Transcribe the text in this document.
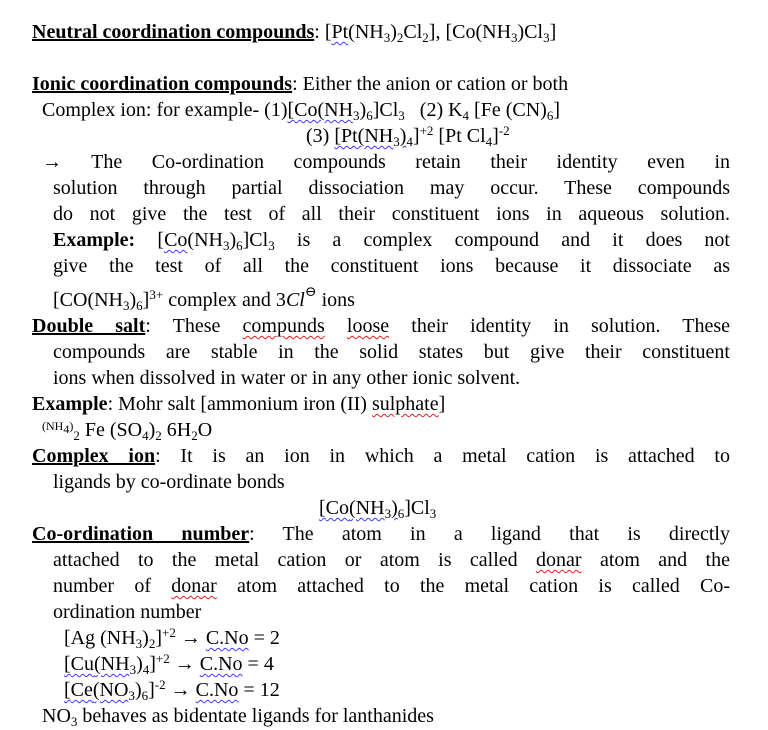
Neutral coordination compounds: $[Pt(NH_3)_2Cl_2]$, $[Co(NH_3)Cl_3]$
Ionic coordination compounds: Either the anion or cation or both
Complex ion: for example- $(1)[Co(NH_3)_6]Cl_3$ (2) $K_4$ [Fe $(CN)_6$]
(3) $[Pt(NH_3)_4]^{+2}$ [Pt $Cl_4]^{-2}$
→ The Co-ordination compounds retain their identity even in
solution through partial dissociation may occur. These compounds
do not give the test of all their constituent ions in aqueous solution.
Example: $[Co(NH_3)_6]Cl_3$ is a complex compound and it does not
give the test of all the constituent ions because it dissociate as
$[CO(NH_3)_6]^{3+}$ complex and 3Cl⊖ ions
Double salt: These compunds loose their identity in solution. These
compounds are stable in the solid states but give their constituent
ions when dissolved in water or in any other ionic solvent.
Example: Mohr salt [ammonium iron (II) sulphate]
$^{(NH}4^)_2$ Fe $(SO_4)_2$ $6H_2O$
Complex ion: It is an ion in which a metal cation is attached to
ligands by co-ordinate bonds
$[Co(NH_3)_6]Cl_3$
Co-ordination number: The atom in a ligand that is directly
attached to the metal cation or atom is called donar atom and the
number of donar atom attached to the metal cation is called Co-
ordination number
[Ag $(NH_3)_2]^{+2} \to C.No = 2$
$[Cu(NH_3)_4]^{+2} \to C.No = 4$
$[Ce(NO_3)_6]^{-2} \to C.No = 12$
$NO_3$ behaves as bidentate ligands for lanthanides
